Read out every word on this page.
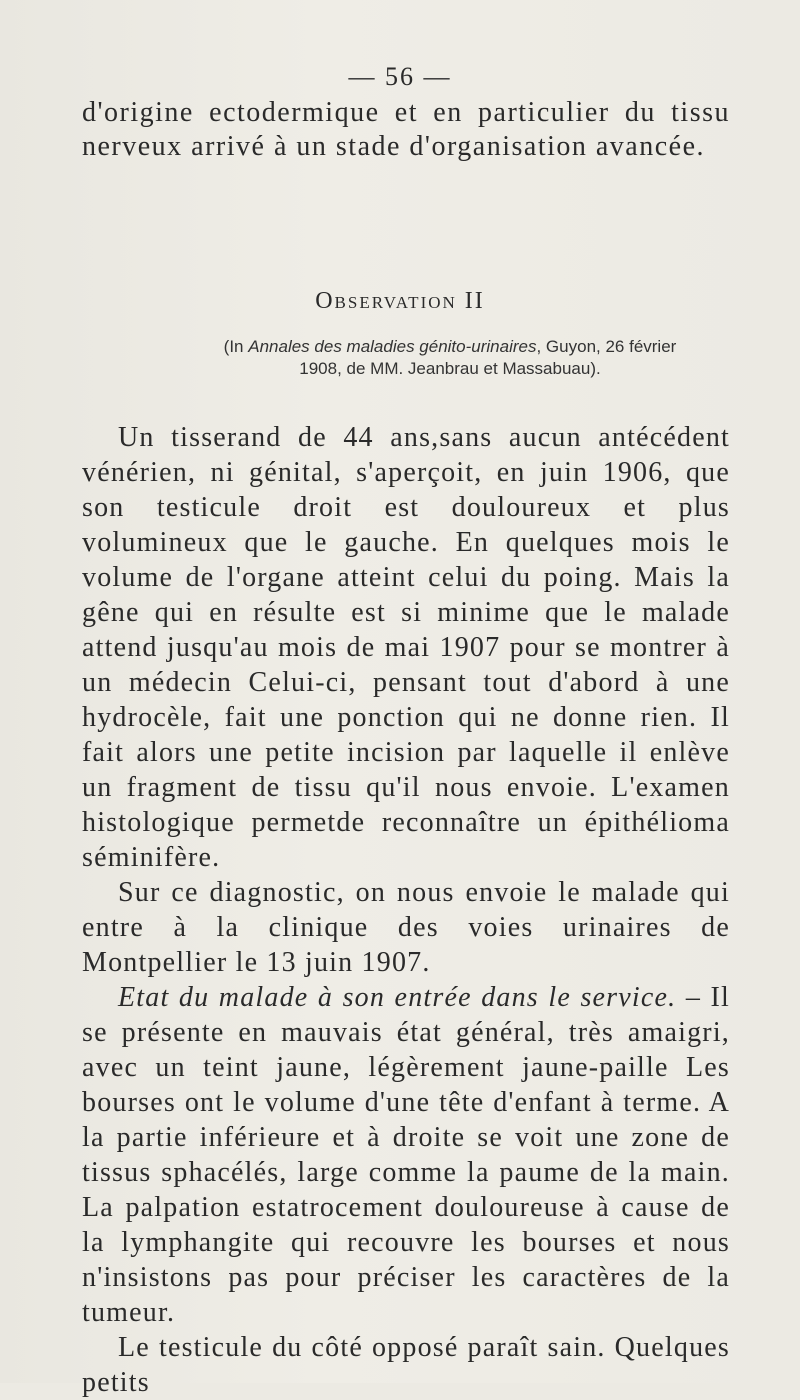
— 56 —

d'origine ectodermique et en particulier du tissu nerveux arrivé à un stade d'organisation avancée.

Observation II
(In Annales des maladies génito-urinaires, Guyon, 26 février 1908, de MM. Jeanbrau et Massabuau).

Un tisserand de 44 ans,sans aucun antécédent vénérien, ni génital, s'aperçoit, en juin 1906, que son testicule droit est douloureux et plus volumineux que le gauche. En quelques mois le volume de l'organe atteint celui du poing. Mais la gêne qui en résulte est si minime que le malade attend jusqu'au mois de mai 1907 pour se montrer à un médecin Celui-ci, pensant tout d'abord à une hydrocèle, fait une ponction qui ne donne rien. Il fait alors une petite incision par laquelle il enlève un fragment de tissu qu'il nous envoie. L'examen histologique permetde reconnaître un épithélioma séminifère.

Sur ce diagnostic, on nous envoie le malade qui entre à la clinique des voies urinaires de Montpellier le 13 juin 1907.

Etat du malade à son entrée dans le service. – Il se présente en mauvais état général, très amaigri, avec un teint jaune, légèrement jaune-paille Les bourses ont le volume d'une tête d'enfant à terme. A la partie inférieure et à droite se voit une zone de tissus sphacélés, large comme la paume de la main. La palpation estatrocement douloureuse à cause de la lymphangite qui recouvre les bourses et nous n'insistons pas pour préciser les caractères de la tumeur.

Le testicule du côté opposé paraît sain. Quelques petits
